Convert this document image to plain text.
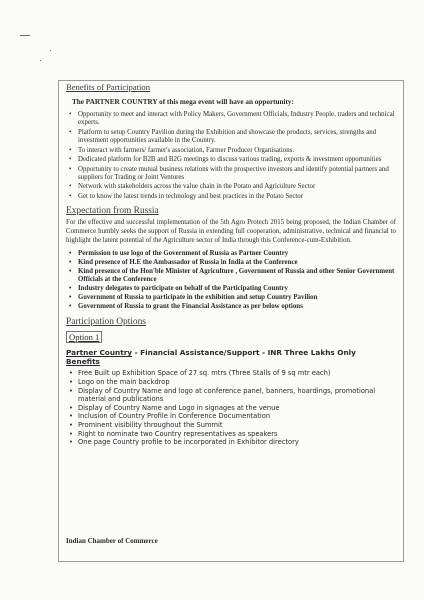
Benefits of Participation

The PARTNER COUNTRY of this mega event will have an opportunity:

• Opportunity to meet and interact with Policy Makers, Government Officials, Industry People, traders and technical experts.
• Platform to setup Country Pavilion during the Exhibition and showcase the products, services, strengths and investment opportunities available in the Country.
• To interact with farmers/ farmer's association, Farmer Producer Organisations.
• Dedicated platform for B2B and B2G meetings to discuss various trading, exports & investment opportunities
• Opportunity to create mutual business relations with the prospective investors and identify potential partners and suppliers for Trading or Joint Ventures
• Network with stakeholders across the value chain in the Potato and Agriculture Sector
• Get to know the latest trends in technology and best practices in the Potato Sector

Expectation from Russia

For the effective and successful implementation of the 5th Agro Protech 2015 being proposed, the Indian Chamber of Commerce humbly seeks the support of Russia in extending full cooperation, administrative, technical and financial to highlight the latent potential of the Agriculture sector of India through this Conference-cum-Exhibition.

• Permission to use logo of the Government of Russia as Partner Country
• Kind presence of H.E the Ambassador of Russia in India at the Conference
• Kind presence of the Hon'ble Minister of Agriculture , Government of Russia and other Senior Government Officials at the Conference
• Industry delegates to participate on behalf of the Participating Country
• Government of Russia to participate in the exhibition and setup Country Pavilion
• Government of Russia to grant the Financial Assistance as per below options

Participation Options

Option 1
Partner Country - Financial Assistance/Support - INR Three Lakhs Only
Benefits
• Free Built up Exhibition Space of 27 sq. mtrs (Three Stalls of 9 sq mtr each)
• Logo on the main backdrop
• Display of Country Name and logo at conference panel, banners, hoardings, promotional material and publications
• Display of Country Name and Logo in signages at the venue
• Inclusion of Country Profile in Conference Documentation
• Prominent visibility throughout the Summit
• Right to nominate two Country representatives as speakers
• One page Country profile to be incorporated in Exhibitor directory
Indian Chamber of Commerce
